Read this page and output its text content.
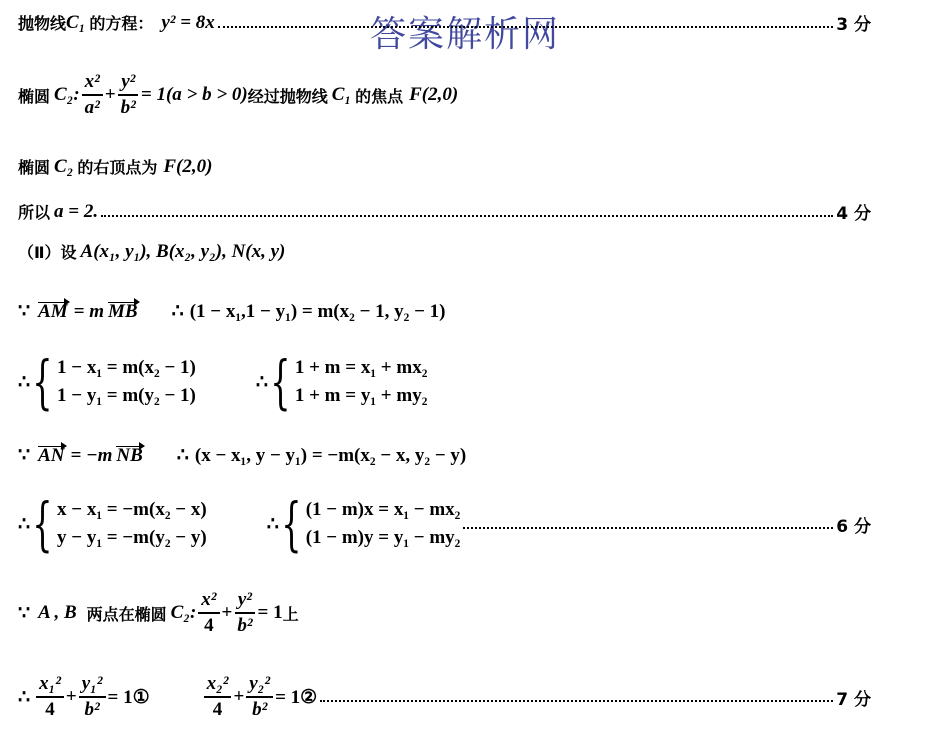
答案解析网
抛物线 C₁ 的方程： y² = 8x	3 分
椭圆 C₂: $\frac{\text{x²}}{\text{a²}} + \frac{\text{y²}}{\text{b²}} = 1(a > b > 0)$ 经过抛物线 C₁ 的焦点 F(2,0)
椭圆 C₂ 的右顶点为 F(2,0)
所以 a = 2.	4 分
（Ⅱ）设 A(x₁, y₁), B(x₂, y₂), N(x, y)
∵ AM = m MB ∴ (1 − x₁,1 − y₁) = m(x₂ − 1, y₂ − 1)
∴ { 1 − x₁ = m(x₂ − 1)
1 − y₁ = m(y₂ − 1)
∴ { 1 + m = x₁ + mx₂
1 + m = y₁ + my₂
∵ AN = −m NB ∴ (x − x₁, y − y₁) = −m(x₂ − x, y₂ − y)
∴ { x − x₁ = −m(x₂ − x)
y − y₁ = −m(y₂ − y)
∴ { (1 − m)x = x₁ − mx₂
(1 − m)y = y₁ − my₂
6 分
∵ A , B 两点在椭圆 C₂: $\frac{\text{x²}}{4} + \frac{\text{y²}}{\text{b²}} = 1$ 上
∴ $\frac{\text{x₁²}}{4} + \frac{\text{y₁²}}{\text{b²}}$ = 1①	$\frac{\text{x₂²}}{4} + \frac{\text{y₂²}}{\text{b²}}$ = 1②	7 分
